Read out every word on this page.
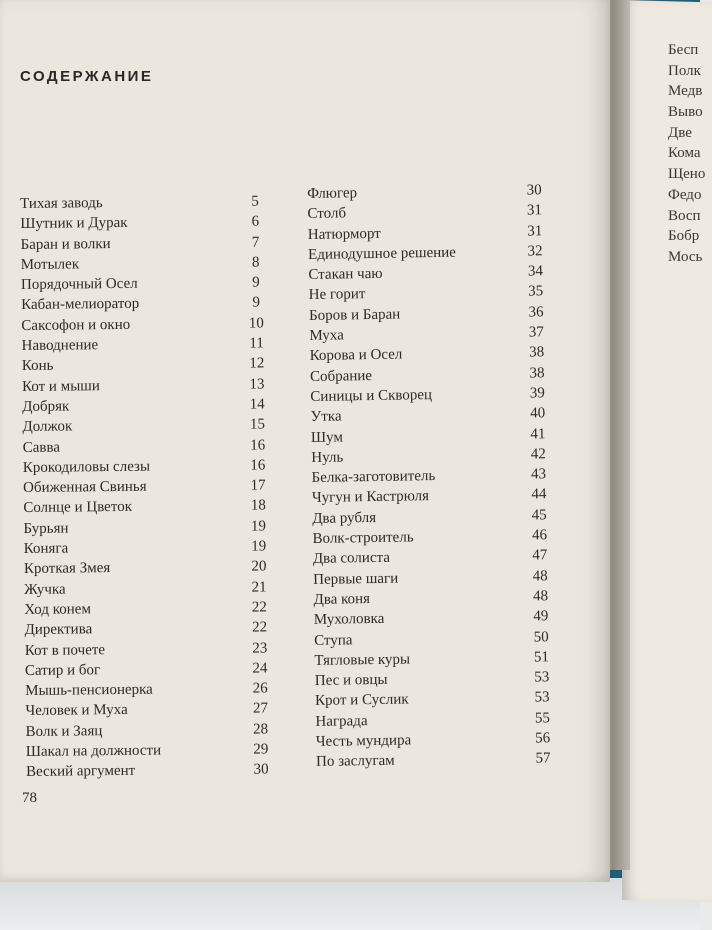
Бесп
Полк
Медв
Выво
Две
Кома
Щено
Федо
Восп
Бобр
Мось
СОДЕРЖАНИЕ
Тихая заводь	5
Шутник и Дурак	6
Баран и волки	7
Мотылек	8
Порядочный Осел	9
Кабан-мелиоратор	9
Саксофон и окно	10
Наводнение	11
Конь	12
Кот и мыши	13
Добряк	14
Должок	15
Савва	16
Крокодиловы слезы	16
Обиженная Свинья	17
Солнце и Цветок	18
Бурьян	19
Коняга	19
Кроткая Змея	20
Жучка	21
Ход конем	22
Директива	22
Кот в почете	23
Сатир и бог	24
Мышь-пенсионерка	26
Человек и Муха	27
Волк и Заяц	28
Шакал на должности	29
Веский аргумент	30
Флюгер	30
Столб	31
Натюрморт	31
Единодушное решение	32
Стакан чаю	34
Не горит	35
Боров и Баран	36
Муха	37
Корова и Осел	38
Собрание	38
Синицы и Скворец	39
Утка	40
Шум	41
Нуль	42
Белка-заготовитель	43
Чугун и Кастрюля	44
Два рубля	45
Волк-строитель	46
Два солиста	47
Первые шаги	48
Два коня	48
Мухоловка	49
Ступа	50
Тягловые куры	51
Пес и овцы	53
Крот и Суслик	53
Награда	55
Честь мундира	56
По заслугам	57
78
